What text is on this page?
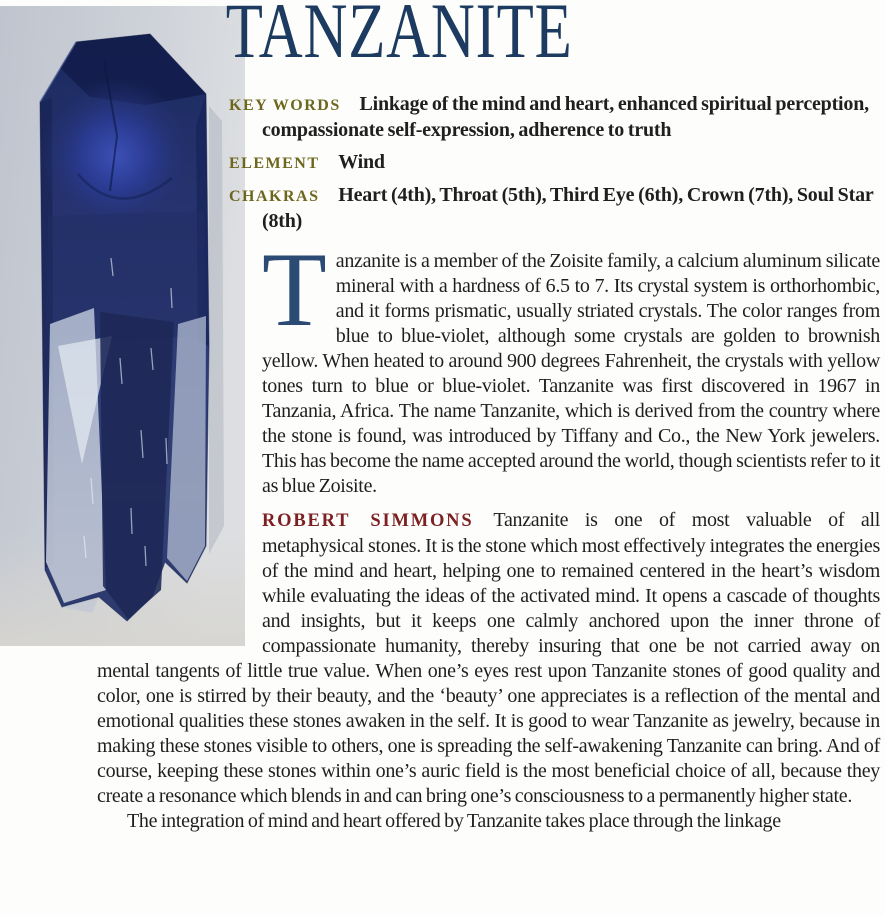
TANZANITE

KEY WORDS Linkage of the mind and heart, enhanced spiritual perception, compassionate self-expression, adherence to truth

ELEMENT Wind

CHAKRAS Heart (4th), Throat (5th), Third Eye (6th), Crown (7th), Soul Star (8th)

Tanzanite is a member of the Zoisite family, a calcium aluminum silicate mineral with a hardness of 6.5 to 7. Its crystal system is orthorhombic, and it forms prismatic, usually striated crystals. The color ranges from blue to blue-violet, although some crystals are golden to brownish yellow. When heated to around 900 degrees Fahrenheit, the crystals with yellow tones turn to blue or blue-violet. Tanzanite was first discovered in 1967 in Tanzania, Africa. The name Tanzanite, which is derived from the country where the stone is found, was introduced by Tiffany and Co., the New York jewelers. This has become the name accepted around the world, though scientists refer to it as blue Zoisite.

ROBERT SIMMONS Tanzanite is one of most valuable of all metaphysical stones. It is the stone which most effectively integrates the energies of the mind and heart, helping one to remained centered in the heart’s wisdom while evaluating the ideas of the activated mind. It opens a cascade of thoughts and insights, but it keeps one calmly anchored upon the inner throne of compassionate humanity, thereby insuring that one be not carried away on mental tangents of little true value. When one’s eyes rest upon Tanzanite stones of good quality and color, one is stirred by their beauty, and the ‘beauty’ one appreciates is a reflection of the mental and emotional qualities these stones awaken in the self. It is good to wear Tanzanite as jewelry, because in making these stones visible to others, one is spreading the self-awakening Tanzanite can bring. And of course, keeping these stones within one’s auric field is the most beneficial choice of all, because they create a resonance which blends in and can bring one’s consciousness to a permanently higher state.

The integration of mind and heart offered by Tanzanite takes place through the linkage
